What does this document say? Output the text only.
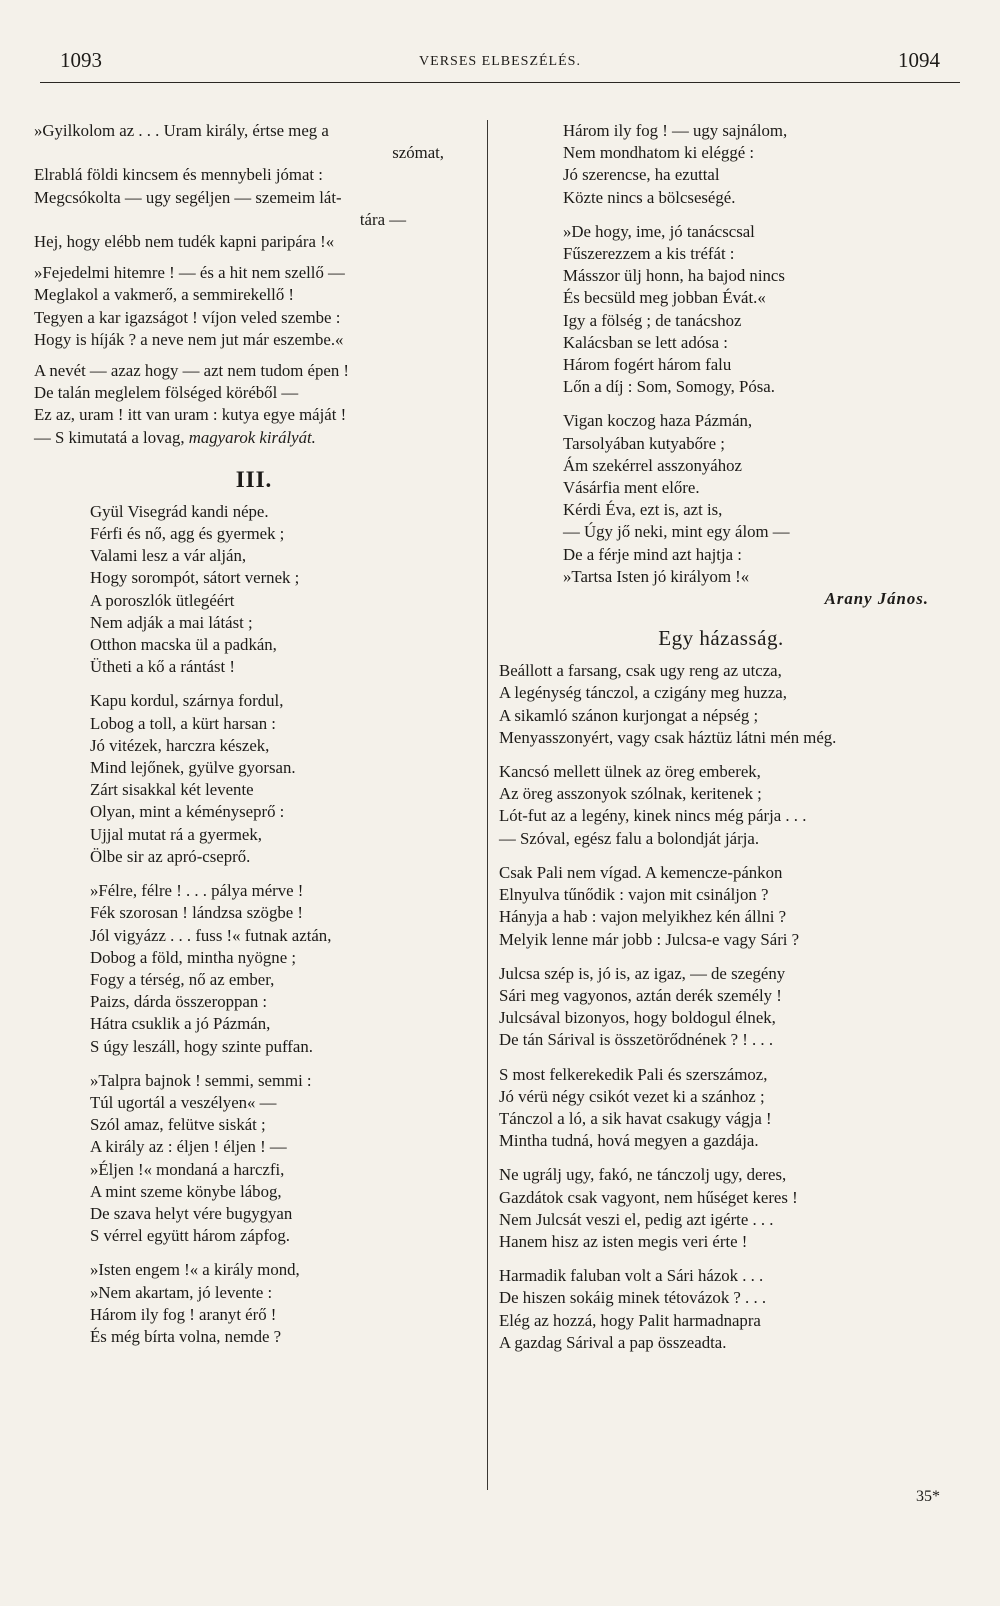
1093	VERSES ELBESZÉLÉS.	1094
»Gyilkolom az . . . Uram király, értse meg a
szómat,
Elrablá földi kincsem és mennybeli jómat :
Megcsókolta — ugy segéljen — szemeim lát-
tára —
Hej, hogy elébb nem tudék kapni paripára !«
»Fejedelmi hitemre ! — és a hit nem szellő —
Meglakol a vakmerő, a semmirekellő !
Tegyen a kar igazságot ! víjon veled szembe :
Hogy is híják ? a neve nem jut már eszembe.«
A nevét — azaz hogy — azt nem tudom épen !
De talán meglelem fölséged köréből —
Ez az, uram ! itt van uram : kutya egye máját !
— S kimutatá a lovag, magyarok királyát.
III.
Gyül Visegrád kandi népe.
Férfi és nő, agg és gyermek ;
Valami lesz a vár alján,
Hogy sorompót, sátort vernek ;
A poroszlók ütlegéért
Nem adják a mai látást ;
Otthon macska ül a padkán,
Ütheti a kő a rántást !
Kapu kordul, szárnya fordul,
Lobog a toll, a kürt harsan :
Jó vitézek, harczra készek,
Mind lejőnek, gyülve gyorsan.
Zárt sisakkal két levente
Olyan, mint a kéményseprő :
Ujjal mutat rá a gyermek,
Ölbe sir az apró-cseprő.
»Félre, félre ! . . . pálya mérve !
Fék szorosan ! lándzsa szögbe !
Jól vigyázz . . . fuss !« futnak aztán,
Dobog a föld, mintha nyögne ;
Fogy a térség, nő az ember,
Paizs, dárda összeroppan :
Hátra csuklik a jó Pázmán,
S úgy leszáll, hogy szinte puffan.
»Talpra bajnok ! semmi, semmi :
Túl ugortál a veszélyen« —
Szól amaz, felütve siskát ;
A király az : éljen ! éljen ! —
»Éljen !« mondaná a harczfi,
A mint szeme könybe lábog,
De szava helyt vére bugygyan
S vérrel együtt három zápfog.
»Isten engem !« a király mond,
»Nem akartam, jó levente :
Három ily fog ! aranyt érő !
És még bírta volna, nemde ?
Három ily fog ! — ugy sajnálom,
Nem mondhatom ki eléggé :
Jó szerencse, ha ezuttal
Közte nincs a bölcseségé.
»De hogy, ime, jó tanácscsal
Fűszerezzem a kis tréfát :
Másszor ülj honn, ha bajod nincs
És becsüld meg jobban Évát.«
Igy a fölség ; de tanácshoz
Kalácsban se lett adósa :
Három fogért három falu
Lőn a díj : Som, Somogy, Pósa.
Vigan koczog haza Pázmán,
Tarsolyában kutyabőre ;
Ám szekérrel asszonyához
Vásárfia ment előre.
Kérdi Éva, ezt is, azt is,
— Úgy jő neki, mint egy álom —
De a férje mind azt hajtja :
»Tartsa Isten jó királyom !«
Arany János.
Egy házasság.
Beállott a farsang, csak ugy reng az utcza,
A legénység tánczol, a czigány meg huzza,
A sikamló szánon kurjongat a népség ;
Menyasszonyért, vagy csak háztüz látni mén még.
Kancsó mellett ülnek az öreg emberek,
Az öreg asszonyok szólnak, keritenek ;
Lót-fut az a legény, kinek nincs még párja . . .
— Szóval, egész falu a bolondját járja.
Csak Pali nem vígad. A kemencze-pánkon
Elnyulva tűnődik : vajon mit csináljon ?
Hányja a hab : vajon melyikhez kén állni ?
Melyik lenne már jobb : Julcsa-e vagy Sári ?
Julcsa szép is, jó is, az igaz, — de szegény
Sári meg vagyonos, aztán derék személy !
Julcsával bizonyos, hogy boldogul élnek,
De tán Sárival is összetörődnének ? ! . . .
S most felkerekedik Pali és szerszámoz,
Jó vérü négy csikót vezet ki a szánhoz ;
Tánczol a ló, a sik havat csakugy vágja !
Mintha tudná, hová megyen a gazdája.
Ne ugrálj ugy, fakó, ne tánczolj ugy, deres,
Gazdátok csak vagyont, nem hűséget keres !
Nem Julcsát veszi el, pedig azt igérte . . .
Hanem hisz az isten megis veri érte !
Harmadik faluban volt a Sári házok . . .
De hiszen sokáig minek tétovázok ? . . .
Elég az hozzá, hogy Palit harmadnapra
A gazdag Sárival a pap összeadta.
35*
